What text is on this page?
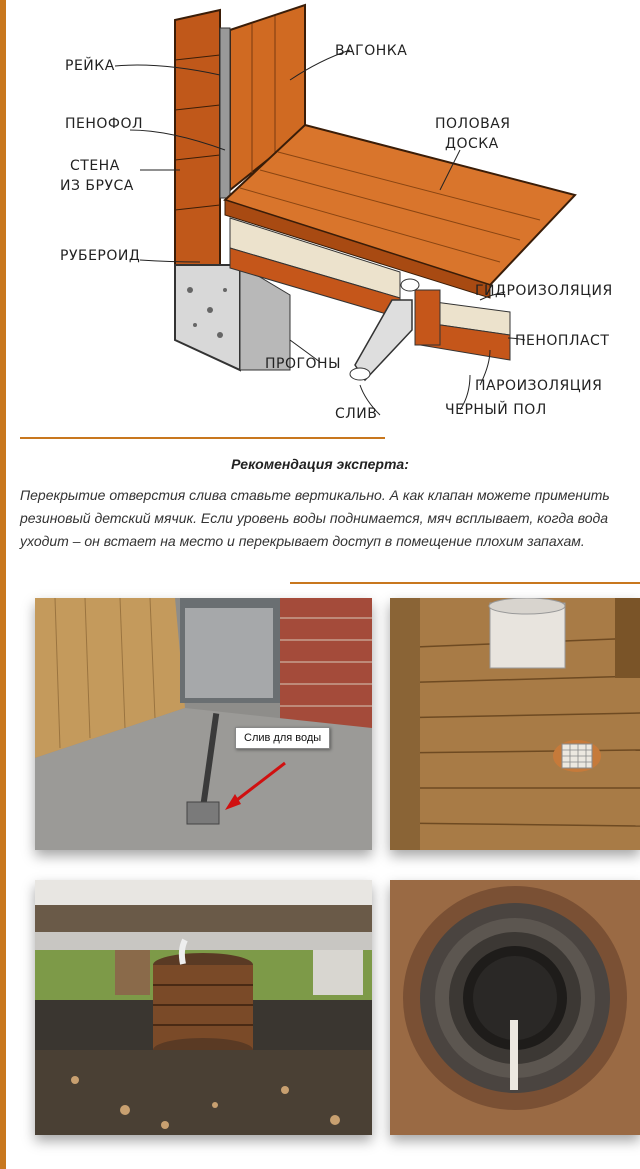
РЕЙКА
ПЕНОФОЛ
СТЕНА
ИЗ БРУСА
РУБЕРОИД
ВАГОНКА
ПОЛОВАЯ
ДОСКА
ГИДРОИЗОЛЯЦИЯ
ПЕНОПЛАСТ
ПАРОИЗОЛЯЦИЯ
ЧЕРНЫЙ ПОЛ
ПРОГОНЫ
СЛИВ
Рекомендация эксперта:
Перекрытие отверстия слива ставьте вертикально. А как клапан можете применить резиновый детский мячик. Если уровень воды поднимается, мяч всплывает, когда вода уходит – он встает на место и перекрывает доступ в помещение плохим запахам.
Слив для воды
